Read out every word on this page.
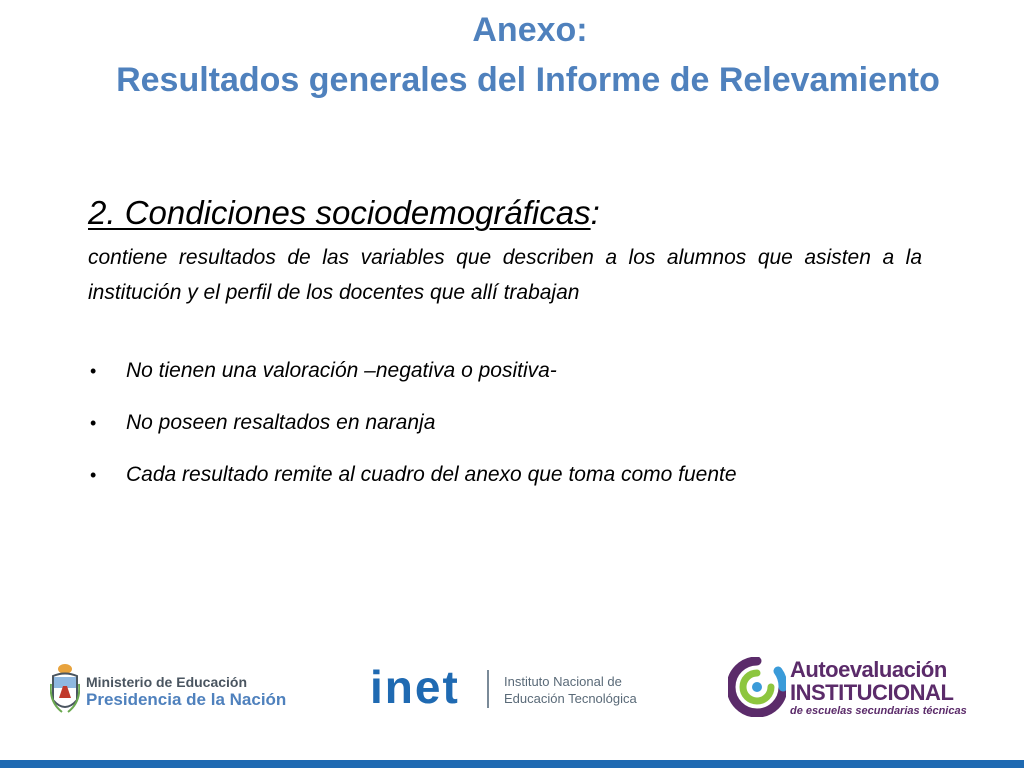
Anexo:
Resultados generales del Informe de Relevamiento
2. Condiciones sociodemográficas:
contiene resultados de las variables que describen a los alumnos que asisten a la institución y el perfil de los docentes que allí trabajan
• No tienen una valoración –negativa o positiva-
• No poseen resaltados en naranja
• Cada resultado remite al cuadro del anexo que toma como fuente
Ministerio de Educación
Presidencia de la Nación inet	Instituto Nacional de
Educación Tecnológica
Autoevaluación
INSTITUCIONAL
de escuelas secundarias técnicas
